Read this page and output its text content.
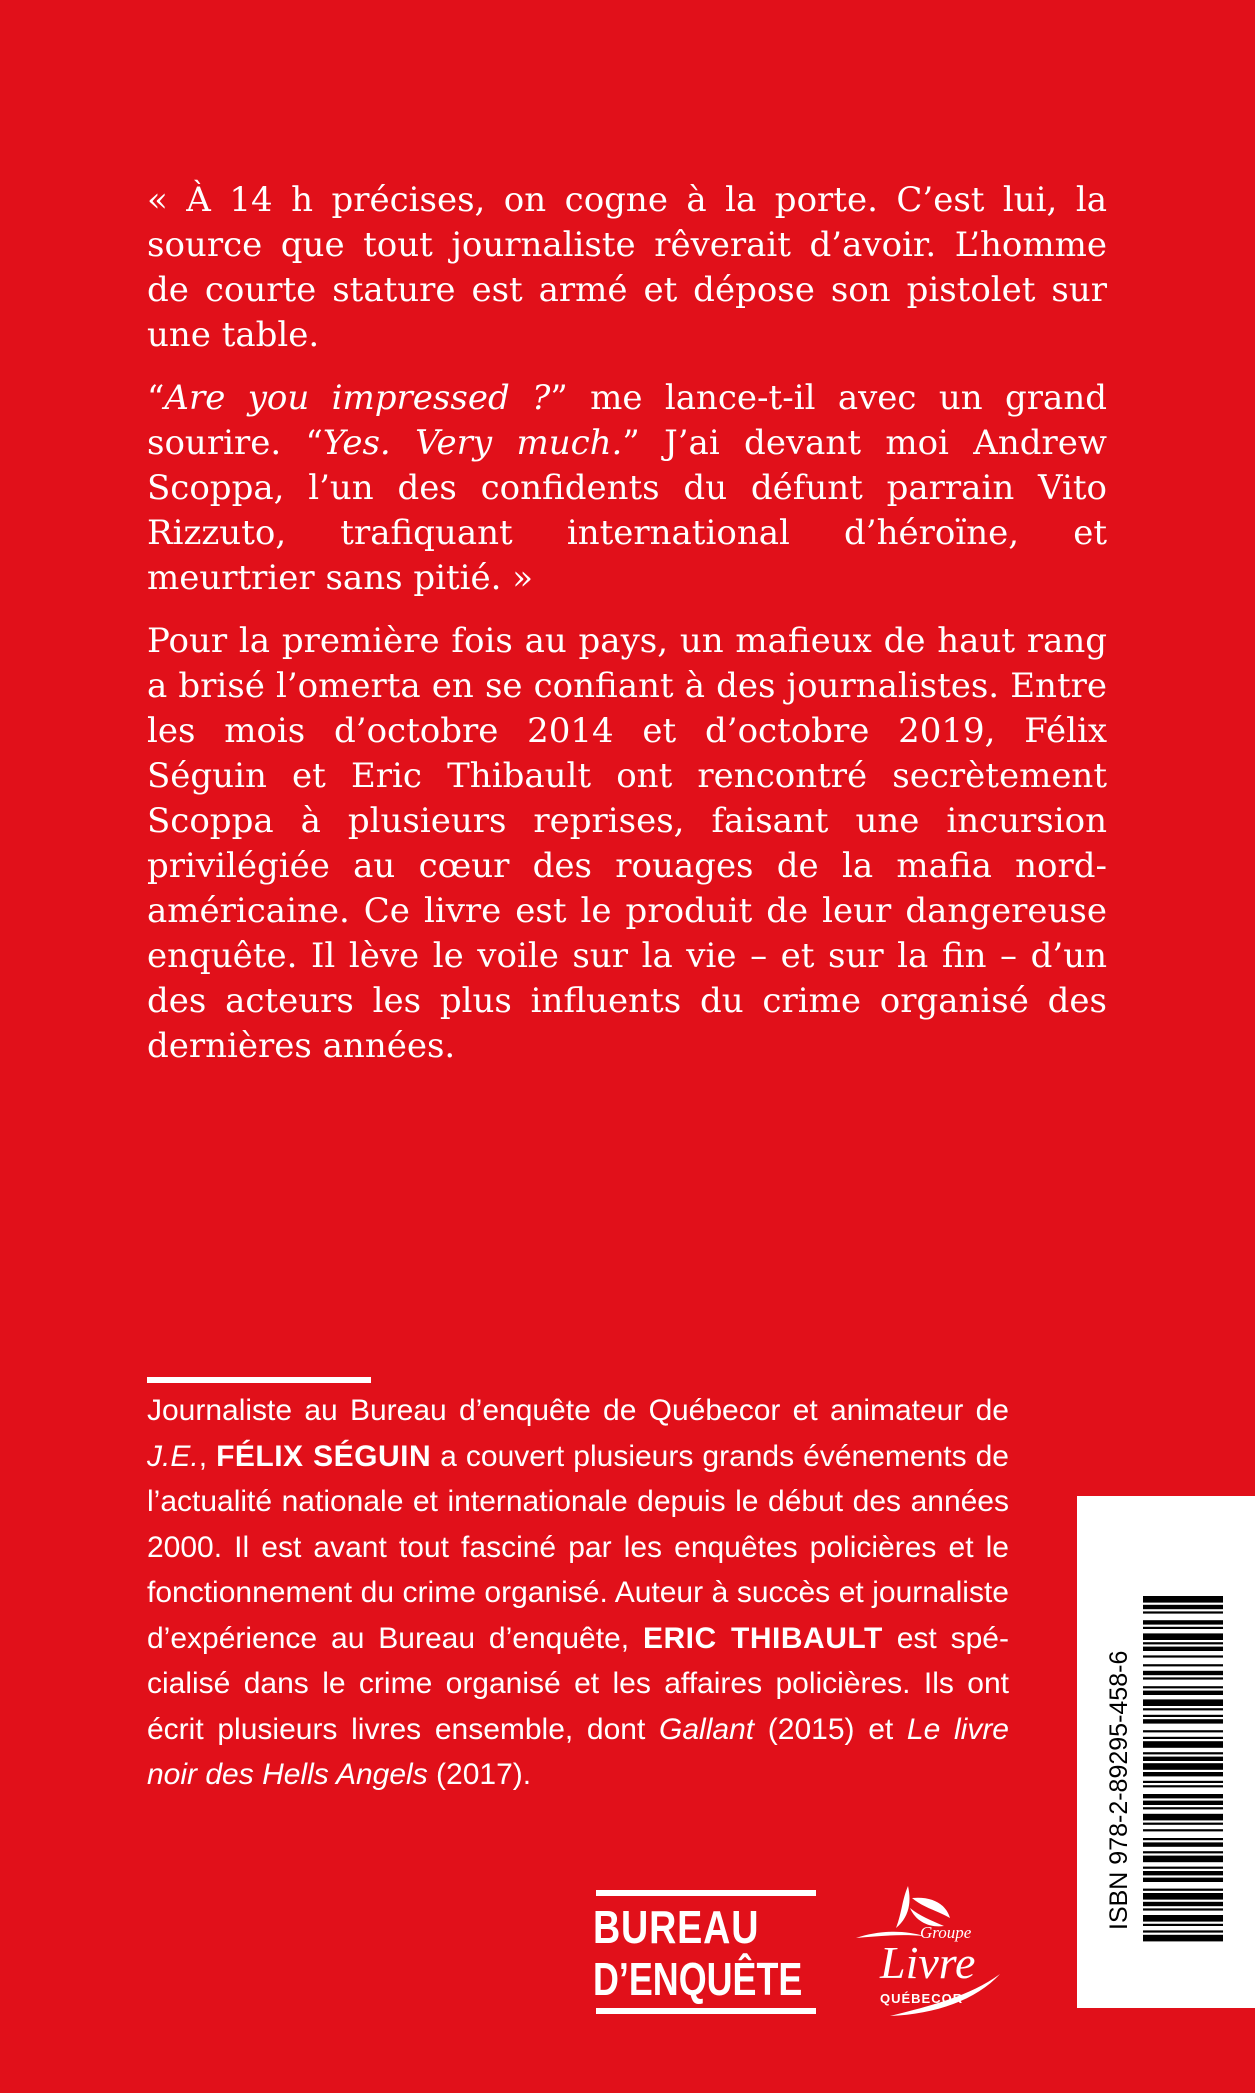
« À 14 h précises, on cogne à la porte. C’est lui, la source que tout journaliste rêverait d’avoir. L’homme de courte stature est armé et dépose son pistolet sur une table.

“Are you impressed ?” me lance-t-il avec un grand sourire. “Yes. Very much.” J’ai devant moi Andrew Scoppa, l’un des confidents du défunt parrain Vito Rizzuto, trafiquant international d’héroïne, et meurtrier sans pitié. »

Pour la première fois au pays, un mafieux de haut rang a brisé l’omerta en se confiant à des journalistes. Entre les mois d’octobre 2014 et d’octobre 2019, Félix Séguin et Eric Thibault ont rencontré secrètement Scoppa à plusieurs reprises, faisant une incursion privilégiée au cœur des rouages de la mafia nord-américaine. Ce livre est le produit de leur dangereuse enquête. Il lève le voile sur la vie – et sur la fin – d’un des acteurs les plus influents du crime organisé des dernières années.

Journaliste au Bureau d’enquête de Québecor et animateur de J.E., FÉLIX SÉGUIN a couvert plusieurs grands événements de l’actualité nationale et internationale depuis le début des années 2000. Il est avant tout fasciné par les enquêtes policières et le fonctionnement du crime organisé. Auteur à succès et journaliste d’expérience au Bureau d’enquête, ERIC THIBAULT est spécialisé dans le crime organisé et les affaires policières. Ils ont écrit plusieurs livres ensemble, dont Gallant (2015) et Le livre noir des Hells Angels (2017).
BUREAU
D’ENQUÊTE
Groupe
Livre
QUÉBECOR
ISBN 978-2-89295-458-6
